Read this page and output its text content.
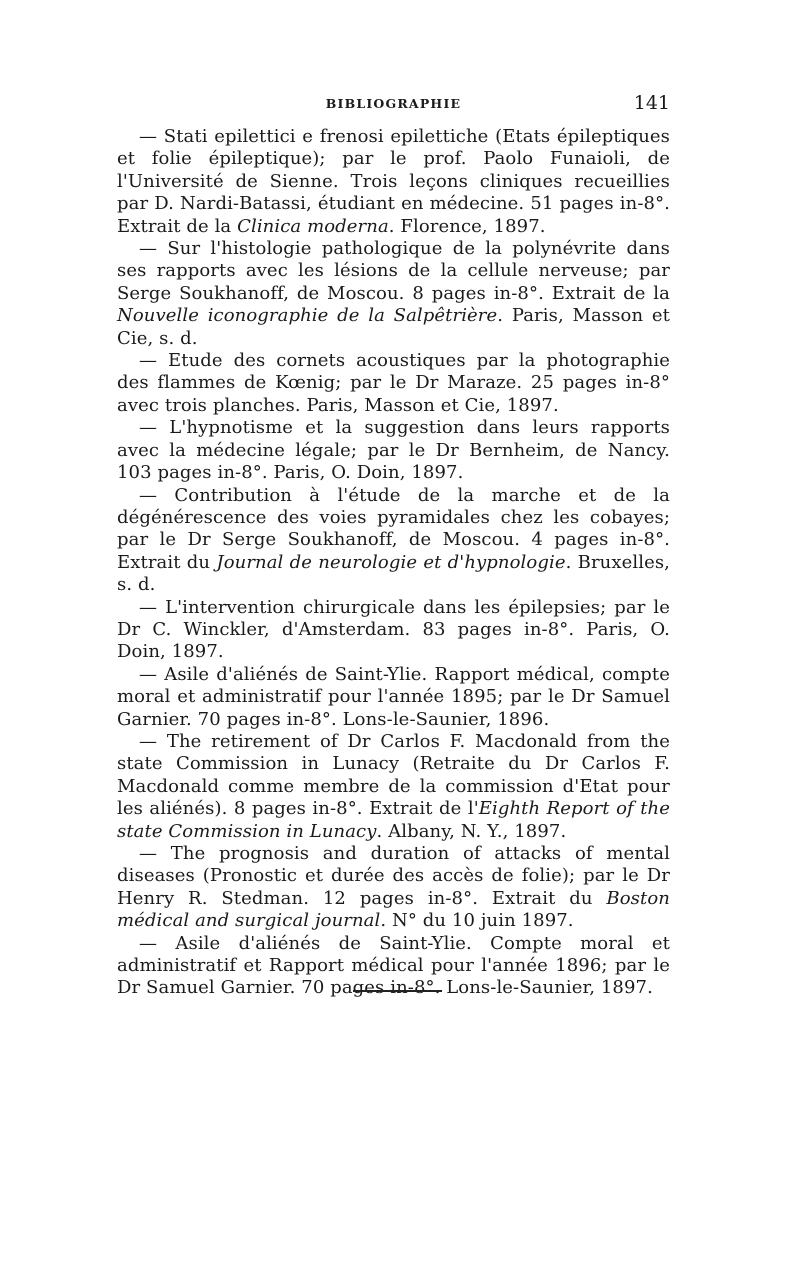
BIBLIOGRAPHIE	141

— Stati epilettici e frenosi epilettiche (Etats épileptiques et folie épileptique); par le prof. Paolo Funaioli, de l'Université de Sienne. Trois leçons cliniques recueillies par D. Nardi-Batassi, étudiant en médecine. 51 pages in-8°. Extrait de la Clinica moderna. Florence, 1897.

— Sur l'histologie pathologique de la polynévrite dans ses rapports avec les lésions de la cellule nerveuse; par Serge Soukhanoff, de Moscou. 8 pages in-8°. Extrait de la Nouvelle iconographie de la Salpêtrière. Paris, Masson et Cie, s. d.

— Etude des cornets acoustiques par la photographie des flammes de Kœnig; par le Dr Maraze. 25 pages in-8° avec trois planches. Paris, Masson et Cie, 1897.

— L'hypnotisme et la suggestion dans leurs rapports avec la médecine légale; par le Dr Bernheim, de Nancy. 103 pages in-8°. Paris, O. Doin, 1897.

— Contribution à l'étude de la marche et de la dégénérescence des voies pyramidales chez les cobayes; par le Dr Serge Soukhanoff, de Moscou. 4 pages in-8°. Extrait du Journal de neurologie et d'hypnologie. Bruxelles, s. d.

— L'intervention chirurgicale dans les épilepsies; par le Dr C. Winckler, d'Amsterdam. 83 pages in-8°. Paris, O. Doin, 1897.

— Asile d'aliénés de Saint-Ylie. Rapport médical, compte moral et administratif pour l'année 1895; par le Dr Samuel Garnier. 70 pages in-8°. Lons-le-Saunier, 1896.

— The retirement of Dr Carlos F. Macdonald from the state Commission in Lunacy (Retraite du Dr Carlos F. Macdonald comme membre de la commission d'Etat pour les aliénés). 8 pages in-8°. Extrait de l'Eighth Report of the state Commission in Lunacy. Albany, N. Y., 1897.

— The prognosis and duration of attacks of mental diseases (Pronostic et durée des accès de folie); par le Dr Henry R. Stedman. 12 pages in-8°. Extrait du Boston médical and surgical journal. N° du 10 juin 1897.

— Asile d'aliénés de Saint-Ylie. Compte moral et administratif et Rapport médical pour l'année 1896; par le Dr Samuel Garnier. 70 pages in-8°. Lons-le-Saunier, 1897.
